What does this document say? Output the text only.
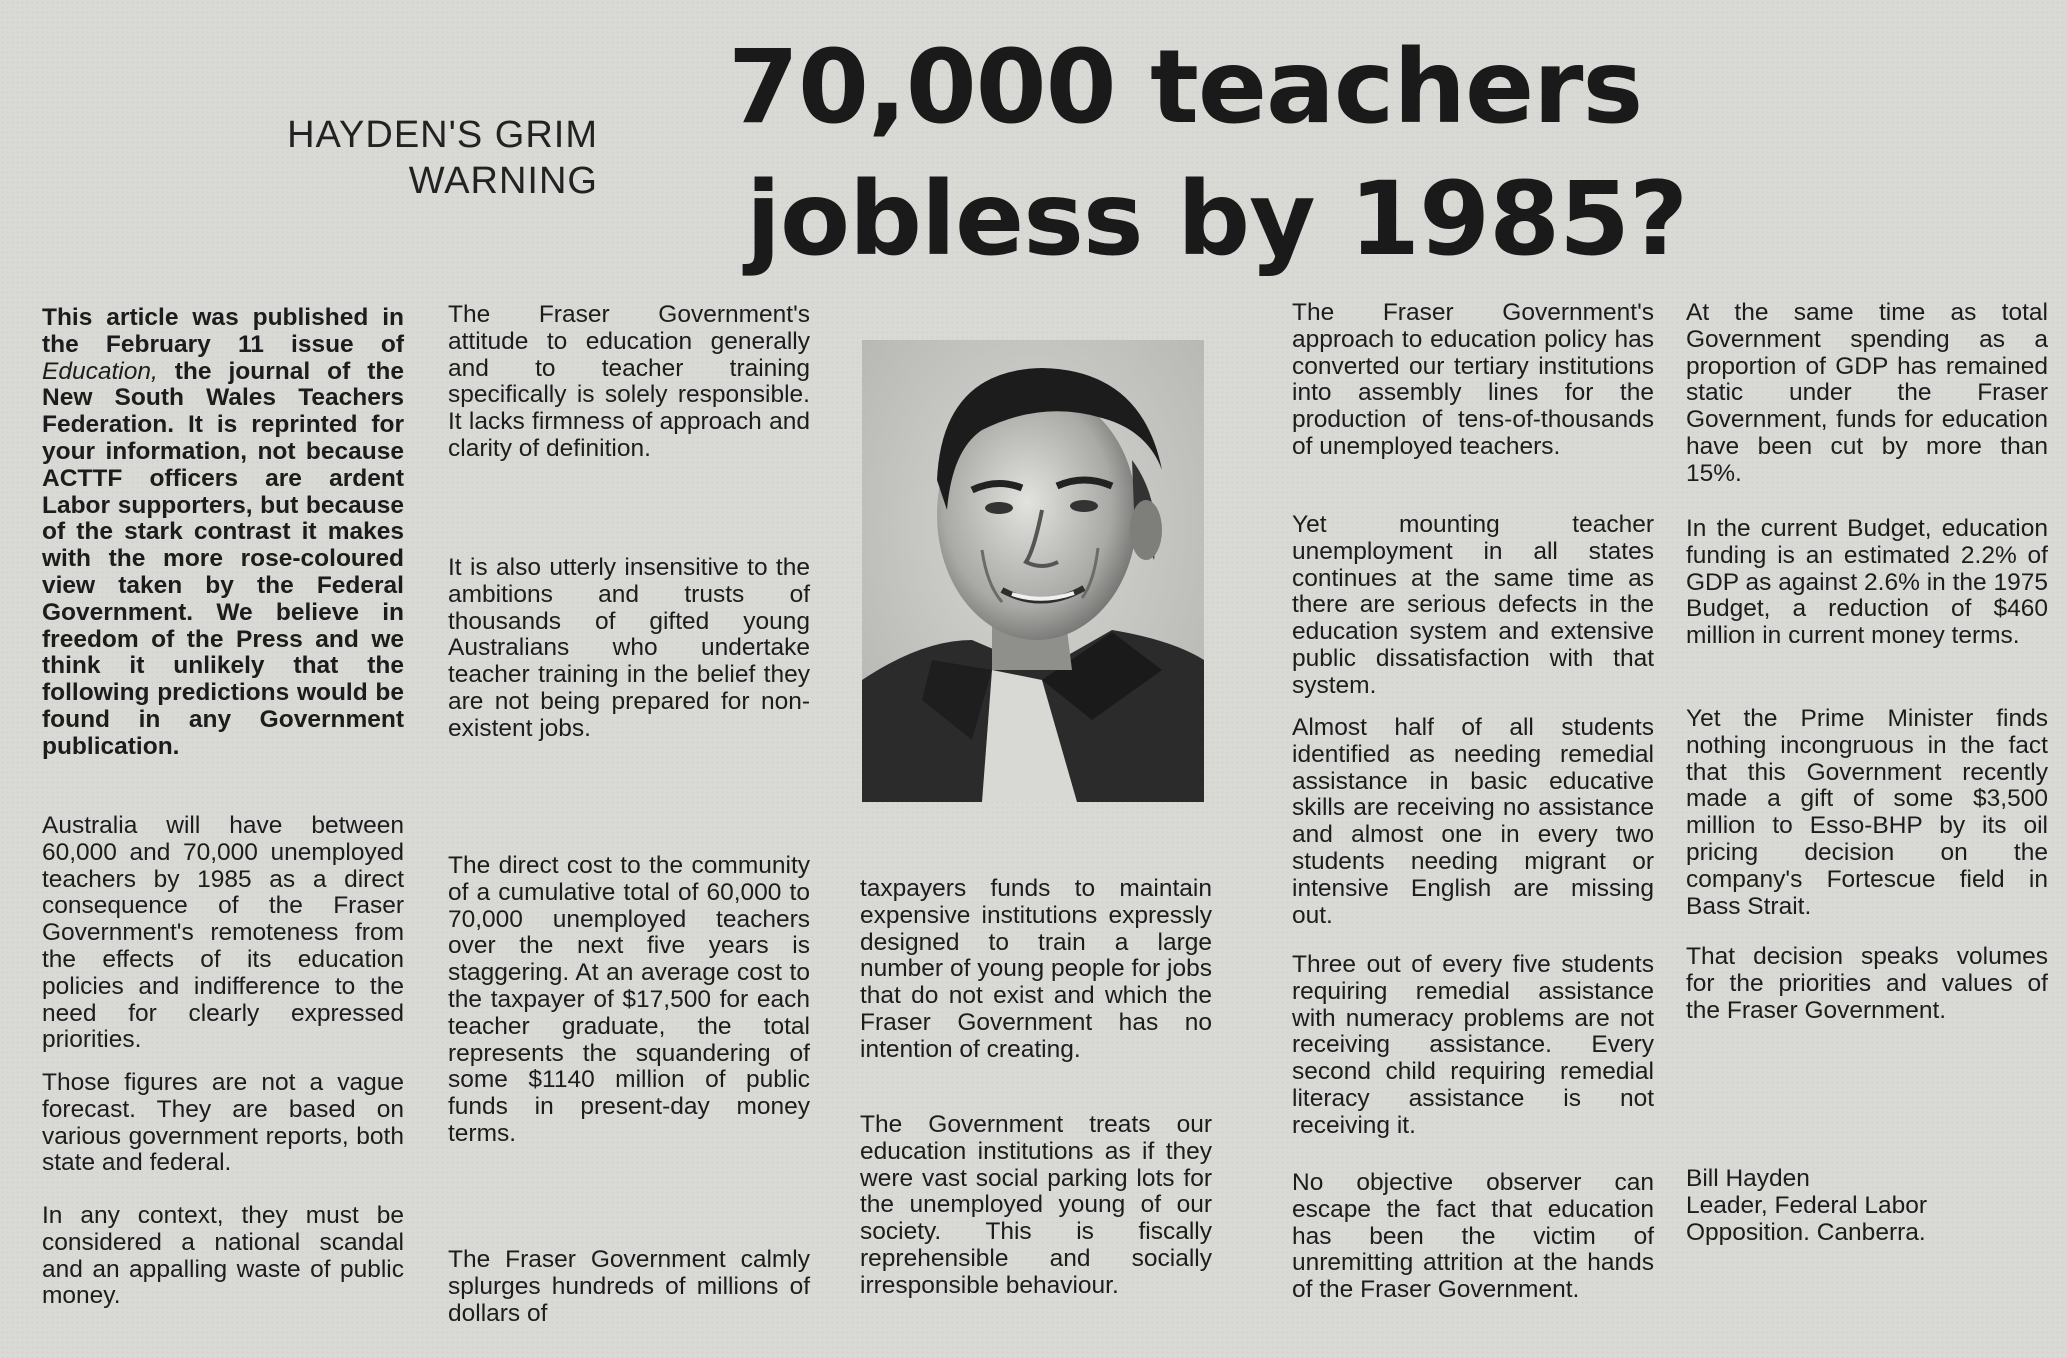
HAYDEN'S GRIM
WARNING
70,000 teachers
jobless by 1985?

This article was published in the February 11 issue of Education, the journal of the New South Wales Teachers Federation. It is reprinted for your information, not because ACTTF officers are ardent Labor supporters, but because of the stark contrast it makes with the more rose-coloured view taken by the Federal Government. We believe in freedom of the Press and we think it unlikely that the following predictions would be found in any Government publication.

Australia will have between 60,000 and 70,000 unemployed teachers by 1985 as a direct consequence of the Fraser Government's remoteness from the effects of its education policies and indifference to the need for clearly expressed priorities.

Those figures are not a vague forecast. They are based on various government reports, both state and federal.

In any context, they must be considered a national scandal and an appalling waste of public money.

The Fraser Government's attitude to education generally and to teacher training specifically is solely responsible. It lacks firmness of approach and clarity of definition.

It is also utterly insensitive to the ambitions and trusts of thousands of gifted young Australians who undertake teacher training in the belief they are not being prepared for non-existent jobs.

The direct cost to the community of a cumulative total of 60,000 to 70,000 unemployed teachers over the next five years is staggering. At an average cost to the taxpayer of $17,500 for each teacher graduate, the total represents the squandering of some $1140 million of public funds in present-day money terms.

The Fraser Government calmly splurges hundreds of millions of dollars of

taxpayers funds to maintain expensive institutions expressly designed to train a large number of young people for jobs that do not exist and which the Fraser Government has no intention of creating.

The Government treats our education institutions as if they were vast social parking lots for the unemployed young of our society. This is fiscally reprehensible and socially irresponsible behaviour.

The Fraser Government's approach to education policy has converted our tertiary institutions into assembly lines for the production of tens-of-thousands of unemployed teachers.

Yet mounting teacher unemployment in all states continues at the same time as there are serious defects in the education system and extensive public dissatisfaction with that system.

Almost half of all students identified as needing remedial assistance in basic educative skills are receiving no assistance and almost one in every two students needing migrant or intensive English are missing out.

Three out of every five students requiring remedial assistance with numeracy problems are not receiving assistance. Every second child requiring remedial literacy assistance is not receiving it.

No objective observer can escape the fact that education has been the victim of unremitting attrition at the hands of the Fraser Government.

At the same time as total Government spending as a proportion of GDP has remained static under the Fraser Government, funds for education have been cut by more than 15%.

In the current Budget, education funding is an estimated 2.2% of GDP as against 2.6% in the 1975 Budget, a reduction of $460 million in current money terms.

Yet the Prime Minister finds nothing incongruous in the fact that this Government recently made a gift of some $3,500 million to Esso-BHP by its oil pricing decision on the company's Fortescue field in Bass Strait.

That decision speaks volumes for the priorities and values of the Fraser Government.

Bill Hayden

Leader, Federal Labor Opposition. Canberra.
